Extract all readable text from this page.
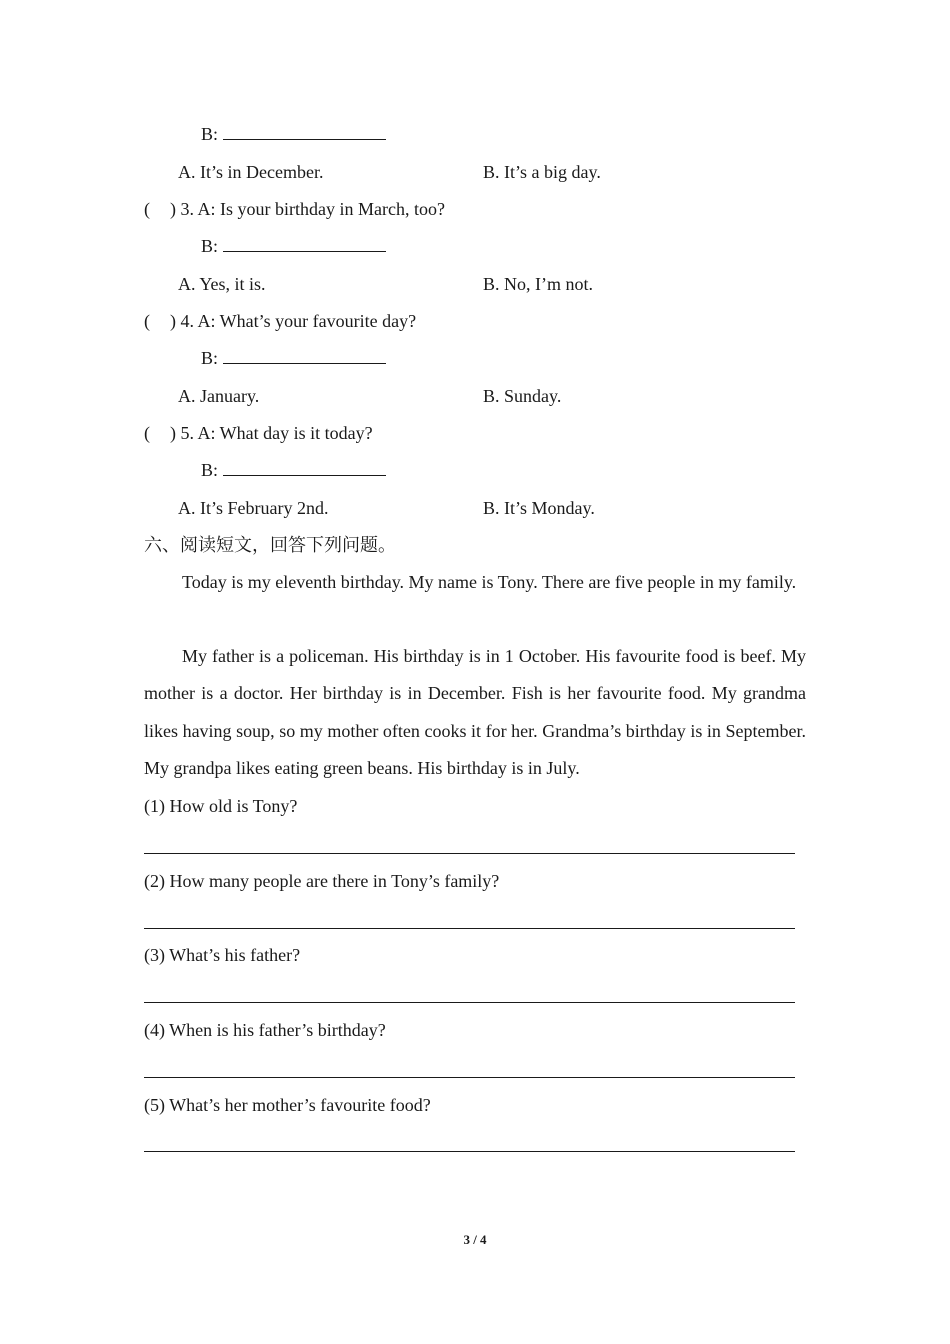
B:
A. It’s in December.	B. It’s a big day.
( ) 3. A: Is your birthday in March, too?
B:
A. Yes, it is.	B. No, I’m not.
( ) 4. A: What’s your favourite day?
B:
A. January.	B. Sunday.
( ) 5. A: What day is it today?
B:
A. It’s February 2nd.	B. It’s Monday.
六、阅读短文，回答下列问题。
Today is my eleventh birthday. My name is Tony. There are five people in my family.
My father is a policeman. His birthday is in 1 October. His favourite food is beef. My mother is a doctor. Her birthday is in December. Fish is her favourite food. My grandma likes having soup, so my mother often cooks it for her. Grandma’s birthday is in September. My grandpa likes eating green beans. His birthday is in July.
(1) How old is Tony?
(2) How many people are there in Tony’s family?
(3) What’s his father?
(4) When is his father’s birthday?
(5) What’s her mother’s favourite food?
3 / 4
